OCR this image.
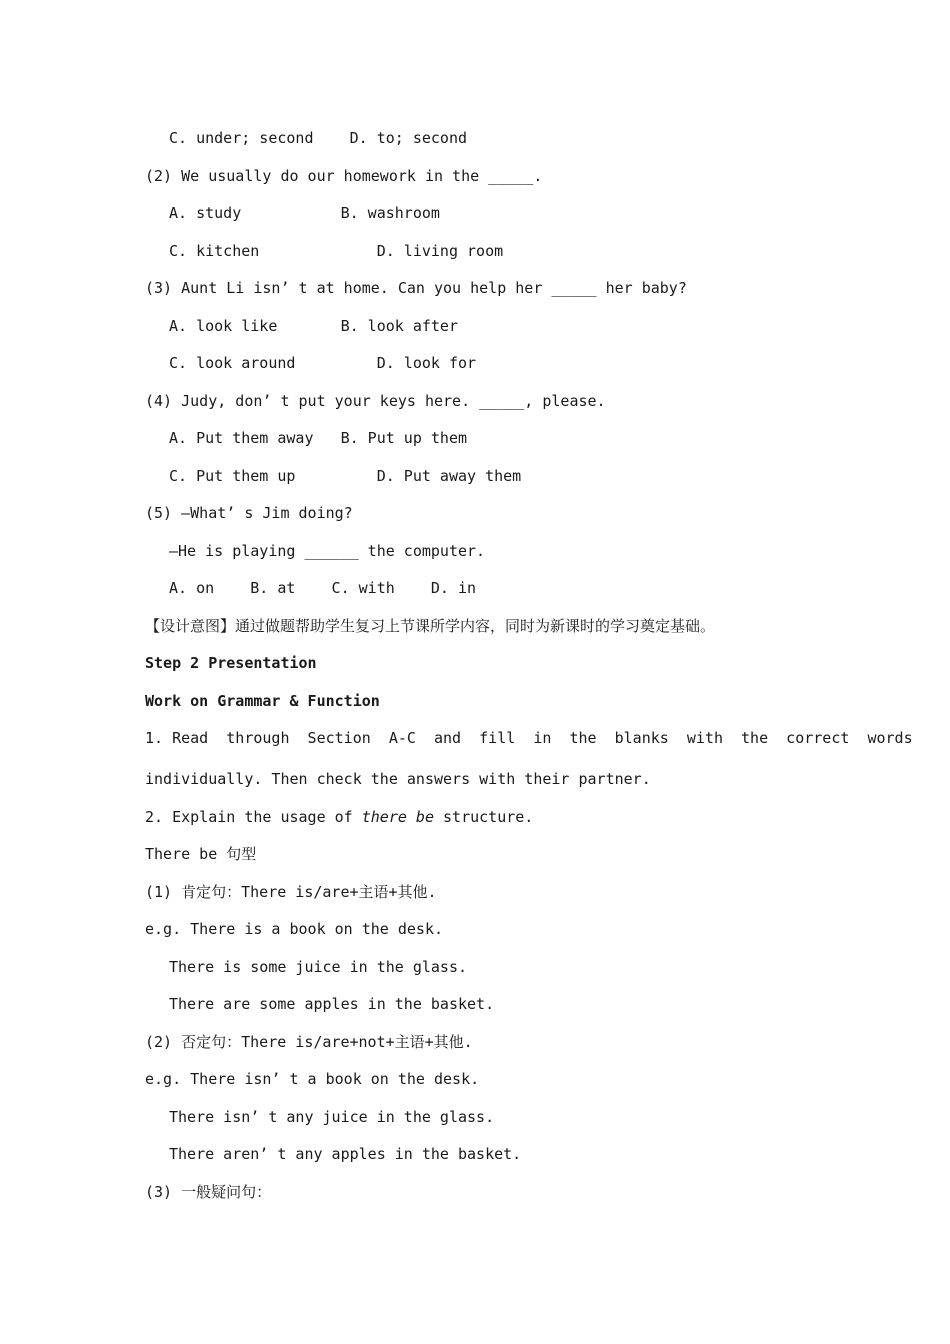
C. under; second    D. to; second
(2) We usually do our homework in the _____.
A. study           B. washroom
C. kitchen             D. living room
(3) Aunt Li isn’ t at home. Can you help her _____ her baby?
A. look like       B. look after
C. look around         D. look for
(4) Judy, don’ t put your keys here. _____, please.
A. Put them away   B. Put up them
C. Put them up         D. Put away them
(5) —What’ s Jim doing?
—He is playing ______ the computer.
A. on    B. at    C. with    D. in
【设计意图】通过做题帮助学生复习上节课所学内容，同时为新课时的学习奠定基础。
Step 2 Presentation
Work on Grammar & Function
1. Read  through  Section  A-C  and  fill  in  the  blanks  with  the  correct  words
individually. Then check the answers with their partner.
2. Explain the usage of there be structure.
There be 句型
(1) 肯定句：There is/are+主语+其他.
e.g. There is a book on the desk.
There is some juice in the glass.
There are some apples in the basket.
(2) 否定句：There is/are+not+主语+其他.
e.g. There isn’ t a book on the desk.
There isn’ t any juice in the glass.
There aren’ t any apples in the basket.
(3) 一般疑问句：
